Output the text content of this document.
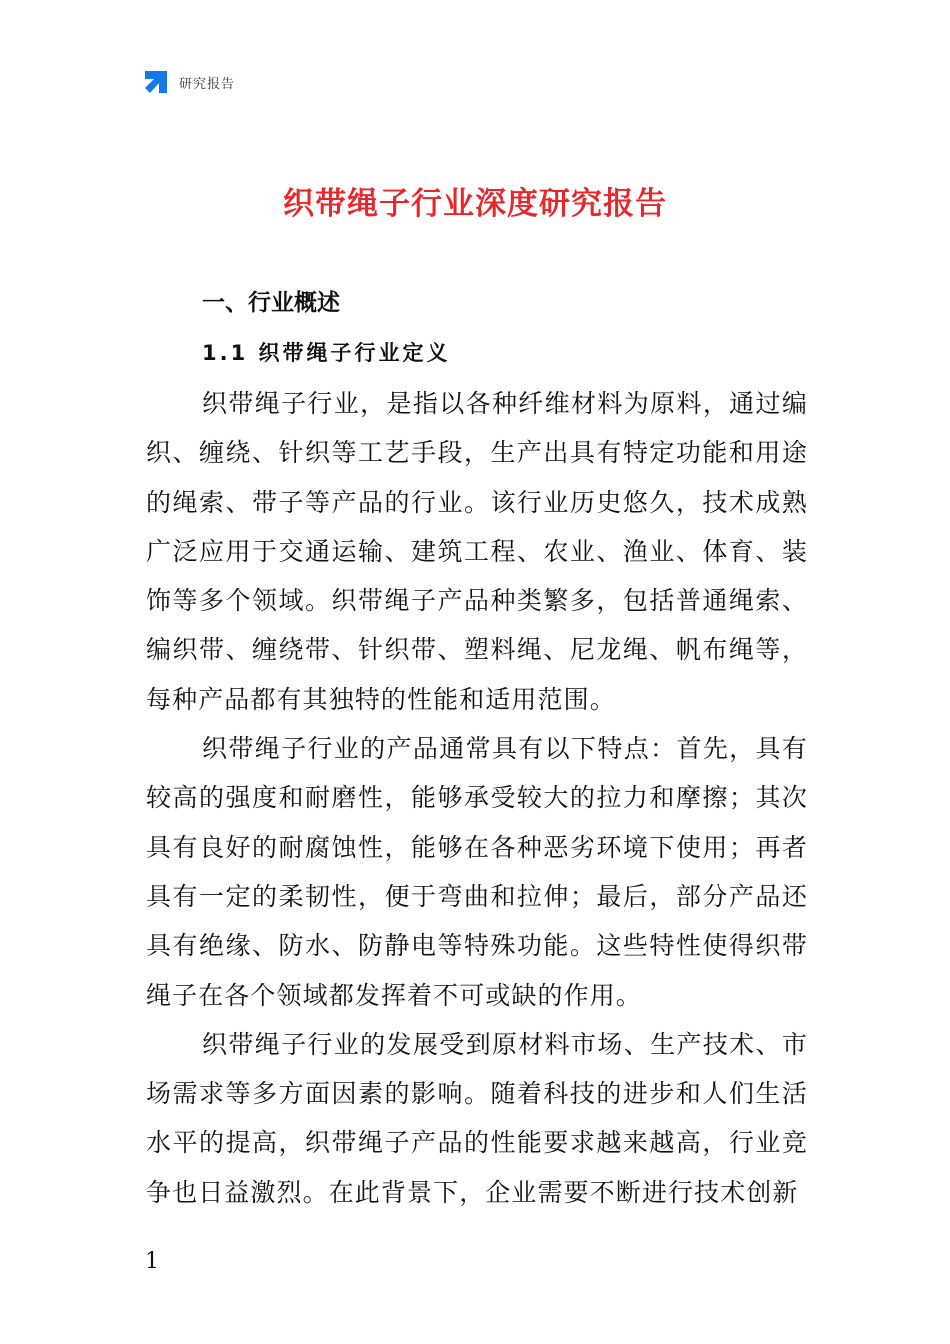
研究报告
织带绳子行业深度研究报告
一、行业概述
1.1 织带绳子行业定义

织带绳子行业，是指以各种纤维材料为原料，通过编织、缠绕、针织等工艺手段，生产出具有特定功能和用途的绳索、带子等产品的行业。该行业历史悠久，技术成熟广泛应用于交通运输、建筑工程、农业、渔业、体育、装饰等多个领域。织带绳子产品种类繁多，包括普通绳索、编织带、缠绕带、针织带、塑料绳、尼龙绳、帆布绳等，每种产品都有其独特的性能和适用范围。

织带绳子行业的产品通常具有以下特点：首先，具有较高的强度和耐磨性，能够承受较大的拉力和摩擦；其次具有良好的耐腐蚀性，能够在各种恶劣环境下使用；再者具有一定的柔韧性，便于弯曲和拉伸；最后，部分产品还具有绝缘、防水、防静电等特殊功能。这些特性使得织带绳子在各个领域都发挥着不可或缺的作用。

织带绳子行业的发展受到原材料市场、生产技术、市场需求等多方面因素的影响。随着科技的进步和人们生活水平的提高，织带绳子产品的性能要求越来越高，行业竞争也日益激烈。在此背景下，企业需要不断进行技术创新

1
